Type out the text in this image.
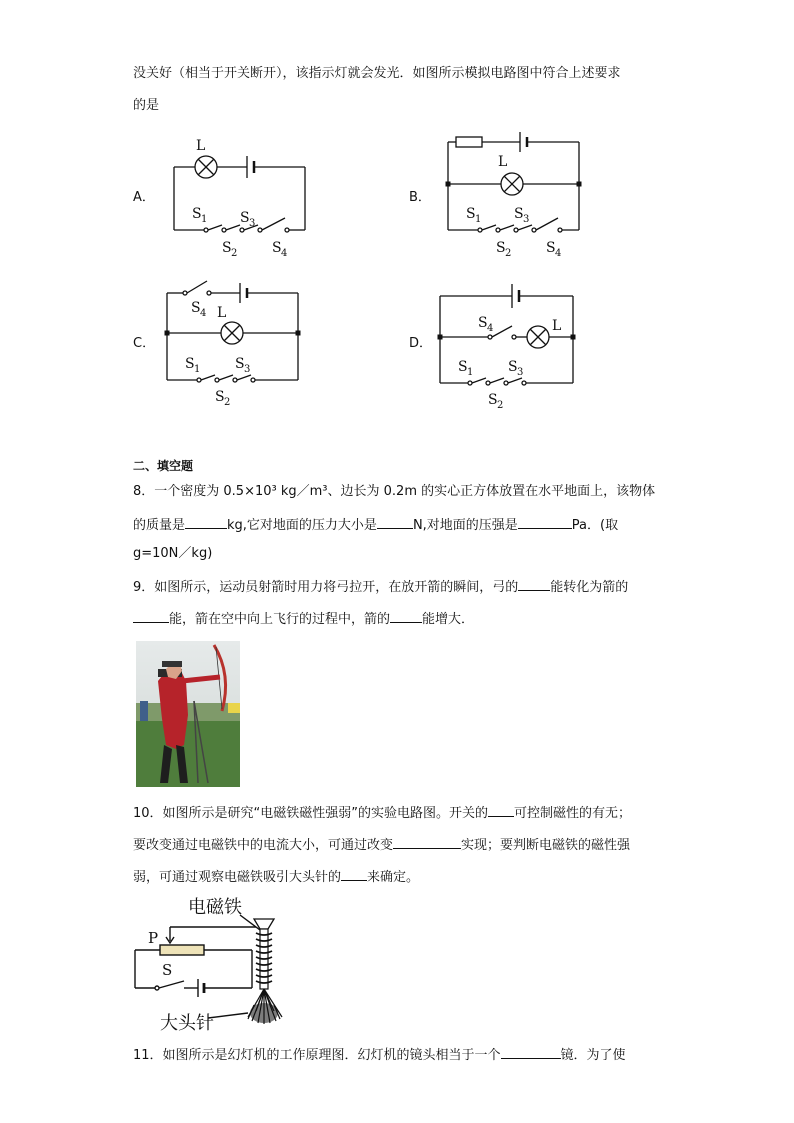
没关好（相当于开关断开），该指示灯就会发光．如图所示模拟电路图中符合上述要求
的是
A．	B．
C．	D．
L
S 1
S 2
S 3
S 4
L
S 1
S 2
S 3
S 4
S 4 L
S 1
S 2
S 3
S 4	L
S 1
S 2
S 3
二、填空题
8．一个密度为 0.5×10³ kg／m³、边长为 0.2m 的实心正方体放置在水平地面上，该物体
的质量是	kg,它对地面的压力大小是	N,对地面的压强是	Pa．(取
g=10N／kg)
9．如图所示，运动员射箭时用力将弓拉开，在放开箭的瞬间，弓的 能转化为箭的
能，箭在空中向上飞行的过程中，箭的 能增大．
10．如图所示是研究“电磁铁磁性强弱”的实验电路图。开关的 可控制磁性的有无；
要改变通过电磁铁中的电流大小，可通过改变	实现；要判断电磁铁的磁性强
弱，可通过观察电磁铁吸引大头针的 来确定。
电磁铁
P
S
大头针
11．如图所示是幻灯机的工作原理图．幻灯机的镜头相当于一个	镜．为了使
